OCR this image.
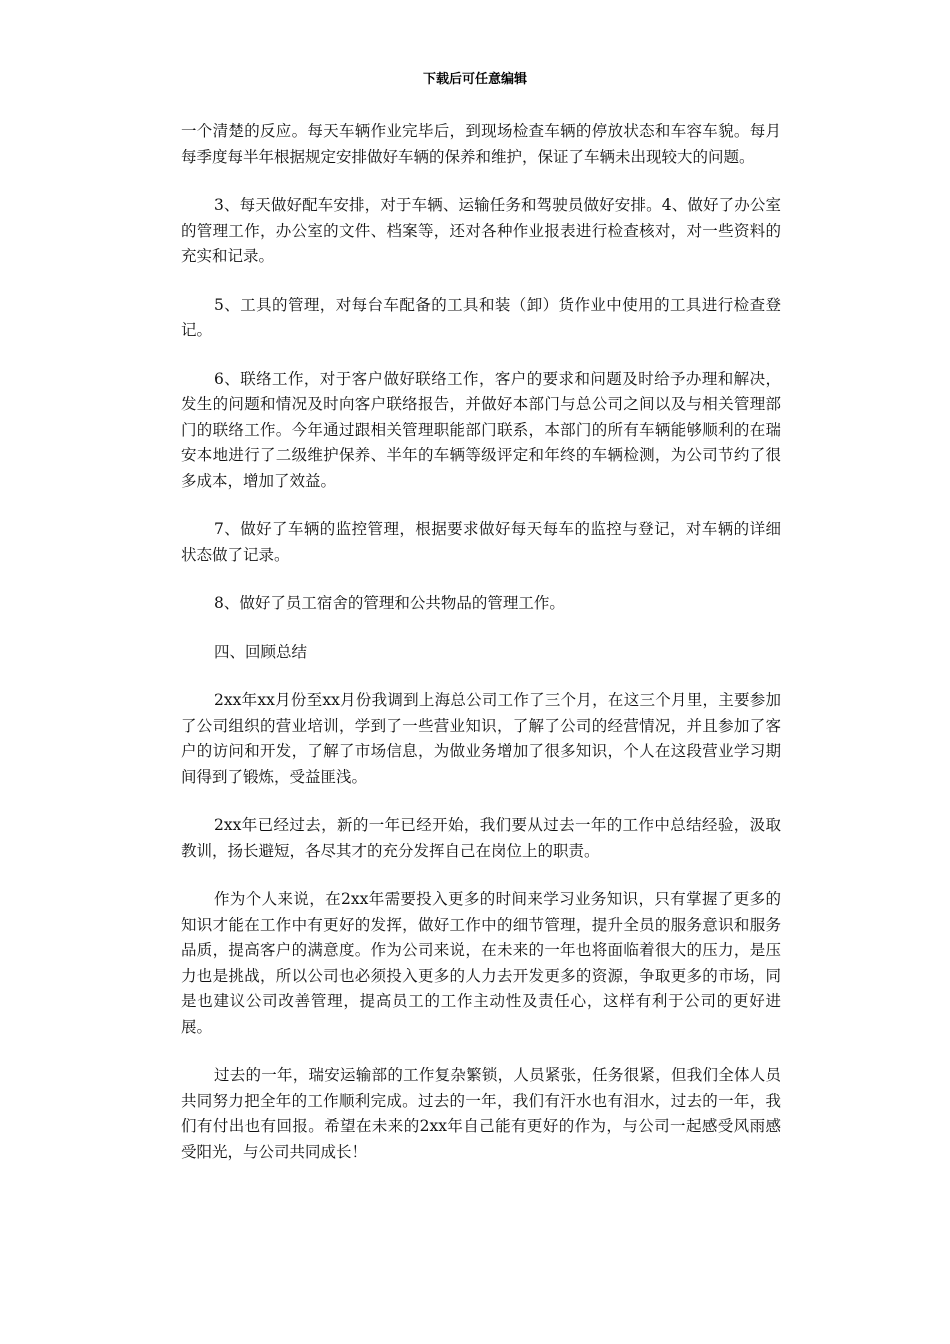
下载后可任意编辑

一个清楚的反应。每天车辆作业完毕后，到现场检查车辆的停放状态和车容车貌。每月每季度每半年根据规定安排做好车辆的保养和维护，保证了车辆未出现较大的问题。

3、每天做好配车安排，对于车辆、运输任务和驾驶员做好安排。4、做好了办公室的管理工作，办公室的文件、档案等，还对各种作业报表进行检查核对，对一些资料的充实和记录。

5、工具的管理，对每台车配备的工具和装（卸）货作业中使用的工具进行检查登记。

6、联络工作，对于客户做好联络工作，客户的要求和问题及时给予办理和解决，发生的问题和情况及时向客户联络报告，并做好本部门与总公司之间以及与相关管理部门的联络工作。今年通过跟相关管理职能部门联系，本部门的所有车辆能够顺利的在瑞安本地进行了二级维护保养、半年的车辆等级评定和年终的车辆检测，为公司节约了很多成本，增加了效益。

7、做好了车辆的监控管理，根据要求做好每天每车的监控与登记，对车辆的详细状态做了记录。

8、做好了员工宿舍的管理和公共物品的管理工作。

四、回顾总结

2xx年xx月份至xx月份我调到上海总公司工作了三个月，在这三个月里，主要参加了公司组织的营业培训，学到了一些营业知识，了解了公司的经营情况，并且参加了客户的访问和开发，了解了市场信息，为做业务增加了很多知识，个人在这段营业学习期间得到了锻炼，受益匪浅。

2xx年已经过去，新的一年已经开始，我们要从过去一年的工作中总结经验，汲取教训，扬长避短，各尽其才的充分发挥自己在岗位上的职责。

作为个人来说，在2xx年需要投入更多的时间来学习业务知识，只有掌握了更多的知识才能在工作中有更好的发挥，做好工作中的细节管理，提升全员的服务意识和服务品质，提高客户的满意度。作为公司来说，在未来的一年也将面临着很大的压力，是压力也是挑战，所以公司也必须投入更多的人力去开发更多的资源，争取更多的市场，同是也建议公司改善管理，提高员工的工作主动性及责任心，这样有利于公司的更好进展。

过去的一年，瑞安运输部的工作复杂繁锁，人员紧张，任务很紧，但我们全体人员共同努力把全年的工作顺利完成。过去的一年，我们有汗水也有泪水，过去的一年，我们有付出也有回报。希望在未来的2xx年自己能有更好的作为，与公司一起感受风雨感受阳光，与公司共同成长！
